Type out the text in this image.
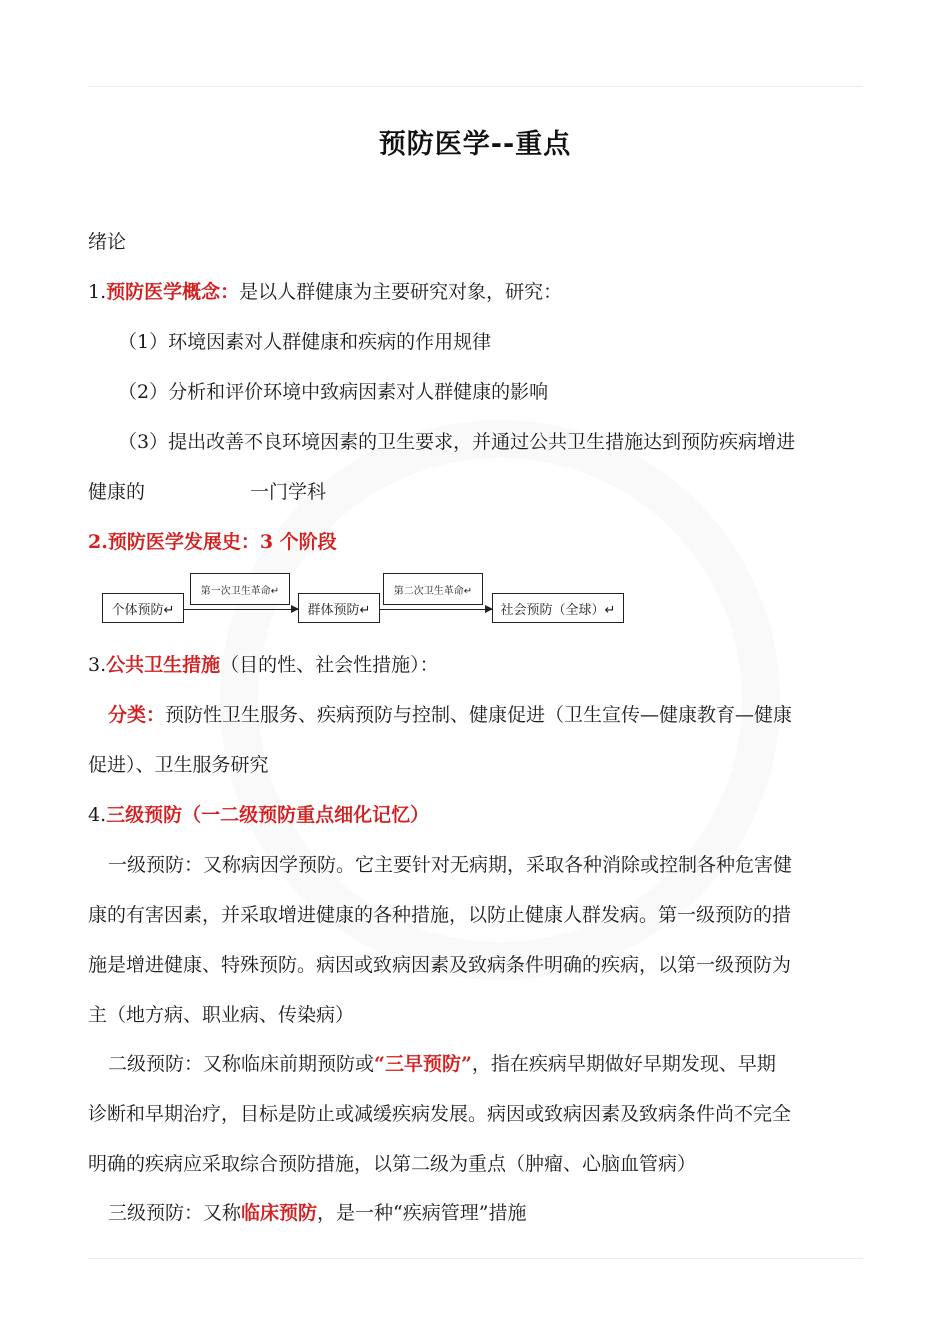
预防医学--重点
绪论
1.预防医学概念：是以人群健康为主要研究对象，研究：
（1）环境因素对人群健康和疾病的作用规律
（2）分析和评价环境中致病因素对人群健康的影响
（3）提出改善不良环境因素的卫生要求，并通过公共卫生措施达到预防疾病增进
健康的	一门学科
2.预防医学发展史：3 个阶段
个体预防↵
第一次卫生革命↵
群体预防↵
第二次卫生革命↵
社会预防（全球）↵
3.公共卫生措施（目的性、社会性措施）：
分类：预防性卫生服务、疾病预防与控制、健康促进（卫生宣传—健康教育—健康
促进）、卫生服务研究
4.三级预防（一二级预防重点细化记忆）
一级预防：又称病因学预防。它主要针对无病期，采取各种消除或控制各种危害健
康的有害因素，并采取增进健康的各种措施，以防止健康人群发病。第一级预防的措
施是增进健康、特殊预防。病因或致病因素及致病条件明确的疾病，以第一级预防为
主（地方病、职业病、传染病）
二级预防：又称临床前期预防或“三早预防”，指在疾病早期做好早期发现、早期
诊断和早期治疗，目标是防止或减缓疾病发展。病因或致病因素及致病条件尚不完全
明确的疾病应采取综合预防措施，以第二级为重点（肿瘤、心脑血管病）
三级预防：又称临床预防，是一种“疾病管理”措施
